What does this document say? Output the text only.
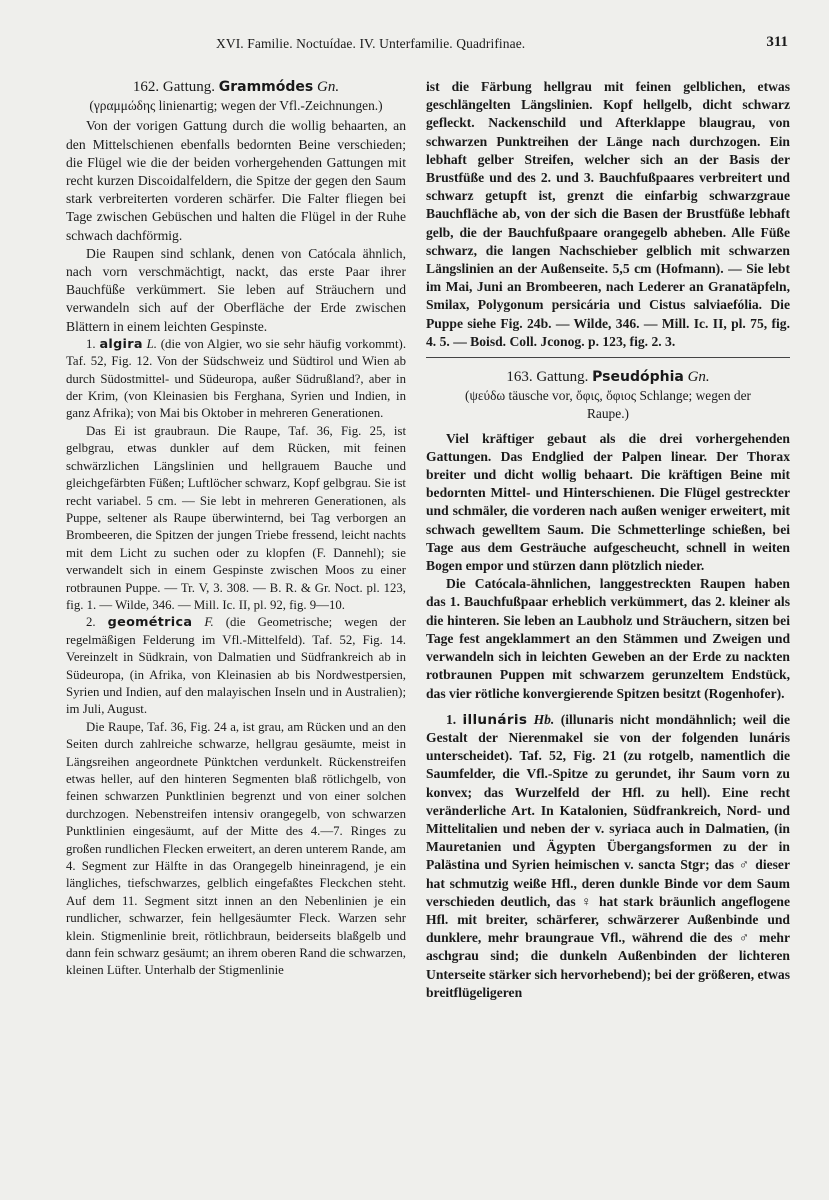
XVI. Familie. Noctuídae. IV. Unterfamilie. Quadrifinae.	311
162. Gattung. Grammódes Gn.
(γραμμώδης linienartig; wegen der Vfl.-Zeichnungen.)

Von der vorigen Gattung durch die wollig behaarten, an den Mittelschienen ebenfalls bedornten Beine verschieden; die Flügel wie die der beiden vorhergehenden Gattungen mit recht kurzen Discoidalfeldern, die Spitze der gegen den Saum stark verbreiterten vorderen schärfer. Die Falter fliegen bei Tage zwischen Gebüschen und halten die Flügel in der Ruhe schwach dachförmig.

Die Raupen sind schlank, denen von Catócala ähnlich, nach vorn verschmächtigt, nackt, das erste Paar ihrer Bauchfüße verkümmert. Sie leben auf Sträuchern und verwandeln sich auf der Oberfläche der Erde zwischen Blättern in einem leichten Gespinste.

1. algira L. (die von Algier, wo sie sehr häufig vorkommt). Taf. 52, Fig. 12. Von der Südschweiz und Südtirol und Wien ab durch Südostmittel- und Südeuropa, außer Südrußland?, aber in der Krim, (von Kleinasien bis Ferghana, Syrien und Indien, in ganz Afrika); von Mai bis Oktober in mehreren Generationen.

Das Ei ist graubraun. Die Raupe, Taf. 36, Fig. 25, ist gelbgrau, etwas dunkler auf dem Rücken, mit feinen schwärzlichen Längslinien und hellgrauem Bauche und gleichgefärbten Füßen; Luftlöcher schwarz, Kopf gelbgrau. Sie ist recht variabel. 5 cm. — Sie lebt in mehreren Generationen, als Puppe, seltener als Raupe überwinternd, bei Tag verborgen an Brombeeren, die Spitzen der jungen Triebe fressend, leicht nachts mit dem Licht zu suchen oder zu klopfen (F. Dannehl); sie verwandelt sich in einem Gespinste zwischen Moos zu einer rotbraunen Puppe. — Tr. V, 3. 308. — B. R. & Gr. Noct. pl. 123, fig. 1. — Wilde, 346. — Mill. Ic. II, pl. 92, fig. 9—10.

2. geométrica F. (die Geometrische; wegen der regelmäßigen Felderung im Vfl.-Mittelfeld). Taf. 52, Fig. 14. Vereinzelt in Südkrain, von Dalmatien und Südfrankreich ab in Südeuropa, (in Afrika, von Kleinasien ab bis Nordwestpersien, Syrien und Indien, auf den malayischen Inseln und in Australien); im Juli, August.

Die Raupe, Taf. 36, Fig. 24 a, ist grau, am Rücken und an den Seiten durch zahlreiche schwarze, hellgrau gesäumte, meist in Längsreihen angeordnete Pünktchen verdunkelt. Rückenstreifen etwas heller, auf den hinteren Segmenten blaß rötlichgelb, von feinen schwarzen Punktlinien begrenzt und von einer solchen durchzogen. Nebenstreifen intensiv orangegelb, von schwarzen Punktlinien eingesäumt, auf der Mitte des 4.—7. Ringes zu großen rundlichen Flecken erweitert, an deren unterem Rande, am 4. Segment zur Hälfte in das Orangegelb hineinragend, je ein längliches, tiefschwarzes, gelblich eingefaßtes Fleckchen steht. Auf dem 11. Segment sitzt innen an den Nebenlinien je ein rundlicher, schwarzer, fein hellgesäumter Fleck. Warzen sehr klein. Stigmenlinie breit, rötlichbraun, beiderseits blaßgelb und dann fein schwarz gesäumt; an ihrem oberen Rand die schwarzen, kleinen Lüfter. Unterhalb der Stigmenlinie

ist die Färbung hellgrau mit feinen gelblichen, etwas geschlängelten Längslinien. Kopf hellgelb, dicht schwarz gefleckt. Nackenschild und Afterklappe blaugrau, von schwarzen Punktreihen der Länge nach durchzogen. Ein lebhaft gelber Streifen, welcher sich an der Basis der Brustfüße und des 2. und 3. Bauchfußpaares verbreitert und schwarz getupft ist, grenzt die einfarbig schwarzgraue Bauchfläche ab, von der sich die Basen der Brustfüße lebhaft gelb, die der Bauchfußpaare orangegelb abheben. Alle Füße schwarz, die langen Nachschieber gelblich mit schwarzen Längslinien an der Außenseite. 5,5 cm (Hofmann). — Sie lebt im Mai, Juni an Brombeeren, nach Lederer an Granatäpfeln, Smilax, Polygonum persicária und Cistus salviaefólia. Die Puppe siehe Fig. 24b. — Wilde, 346. — Mill. Ic. II, pl. 75, fig. 4. 5. — Boisd. Coll. Jconog. p. 123, fig. 2. 3.

163. Gattung. Pseudóphia Gn.
(ψεύδω täusche vor, ὄφις, ὄφιος Schlange; wegen der Raupe.)

Viel kräftiger gebaut als die drei vorhergehenden Gattungen. Das Endglied der Palpen linear. Der Thorax breiter und dicht wollig behaart. Die kräftigen Beine mit bedornten Mittel- und Hinterschienen. Die Flügel gestreckter und schmäler, die vorderen nach außen weniger erweitert, mit schwach gewelltem Saum. Die Schmetterlinge schießen, bei Tage aus dem Gesträuche aufgescheucht, schnell in weiten Bogen empor und stürzen dann plötzlich nieder.

Die Catócala-ähnlichen, langgestreckten Raupen haben das 1. Bauchfußpaar erheblich verkümmert, das 2. kleiner als die hinteren. Sie leben an Laubholz und Sträuchern, sitzen bei Tage fest angeklammert an den Stämmen und Zweigen und verwandeln sich in leichten Geweben an der Erde zu nackten rotbraunen Puppen mit schwarzem gerunzeltem Endstück, das vier rötliche konvergierende Spitzen besitzt (Rogenhofer).

1. illunáris Hb. (illunaris nicht mondähnlich; weil die Gestalt der Nierenmakel sie von der folgenden lunáris unterscheidet). Taf. 52, Fig. 21 (zu rotgelb, namentlich die Saumfelder, die Vfl.-Spitze zu gerundet, ihr Saum vorn zu konvex; das Wurzelfeld der Hfl. zu hell). Eine recht veränderliche Art. In Katalonien, Südfrankreich, Nord- und Mittelitalien und neben der v. syriaca auch in Dalmatien, (in Mauretanien und Ägypten Übergangsformen zu der in Palästina und Syrien heimischen v. sancta Stgr; das ♂ dieser hat schmutzig weiße Hfl., deren dunkle Binde vor dem Saum verschieden deutlich, das ♀ hat stark bräunlich angeflogene Hfl. mit breiter, schärferer, schwärzerer Außenbinde und dunklere, mehr braungraue Vfl., während die des ♂ mehr aschgrau sind; die dunkeln Außenbinden der lichteren Unterseite stärker sich hervorhebend); bei der größeren, etwas breitflügeligeren
